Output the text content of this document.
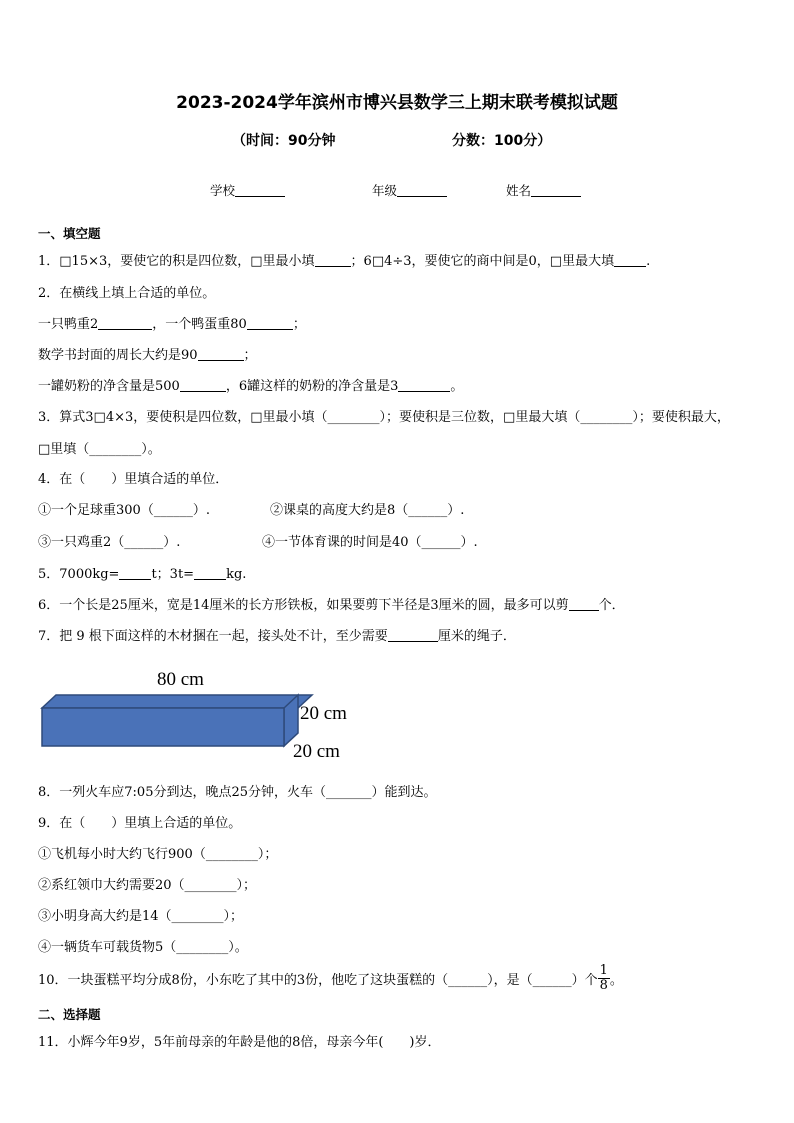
2023-2024学年滨州市博兴县数学三上期末联考模拟试题
（时间：90分钟	分数：100分）
学校	年级	姓名
一、填空题
1．□15×3，要使它的积是四位数，□里最小填	；6□4÷3，要使它的商中间是0，□里最大填 .
2．在横线上填上合适的单位。
一只鸭重2	，一个鸭蛋重80	；
数学书封面的周长大约是90	；
一罐奶粉的净含量是500	，6罐这样的奶粉的净含量是3	。
3．算式3□4×3，要使积是四位数，□里最小填（________）；要使积是三位数，□里最大填（________）；要使积最大，
□里填（________）。
4．在（　　）里填合适的单位．
①一个足球重300（______）.	②课桌的高度大约是8（______）.
③一只鸡重2（______）.	④一节体育课的时间是40（______）.
5．7000kg= t；3t= kg.
6．一个长是25厘米，宽是14厘米的长方形铁板，如果要剪下半径是3厘米的圆，最多可以剪 个．
7．把 9 根下面这样的木材捆在一起，接头处不计，至少需要	厘米的绳子．
80 cm
20 cm
20 cm
8．一列火车应7:05分到达，晚点25分钟，火车（_______）能到达。
9．在（　　）里填上合适的单位。
①飞机每小时大约飞行900（________）；
②系红领巾大约需要20（________）；
③小明身高大约是14（________）；
④一辆货车可载货物5（________）。
10．一块蛋糕平均分成8份，小东吃了其中的3份，他吃了这块蛋糕的（______），是（______）个 $\frac{1}{8}$ 。
二、选择题
11．小辉今年9岁，5年前母亲的年龄是他的8倍，母亲今年(　　)岁．
